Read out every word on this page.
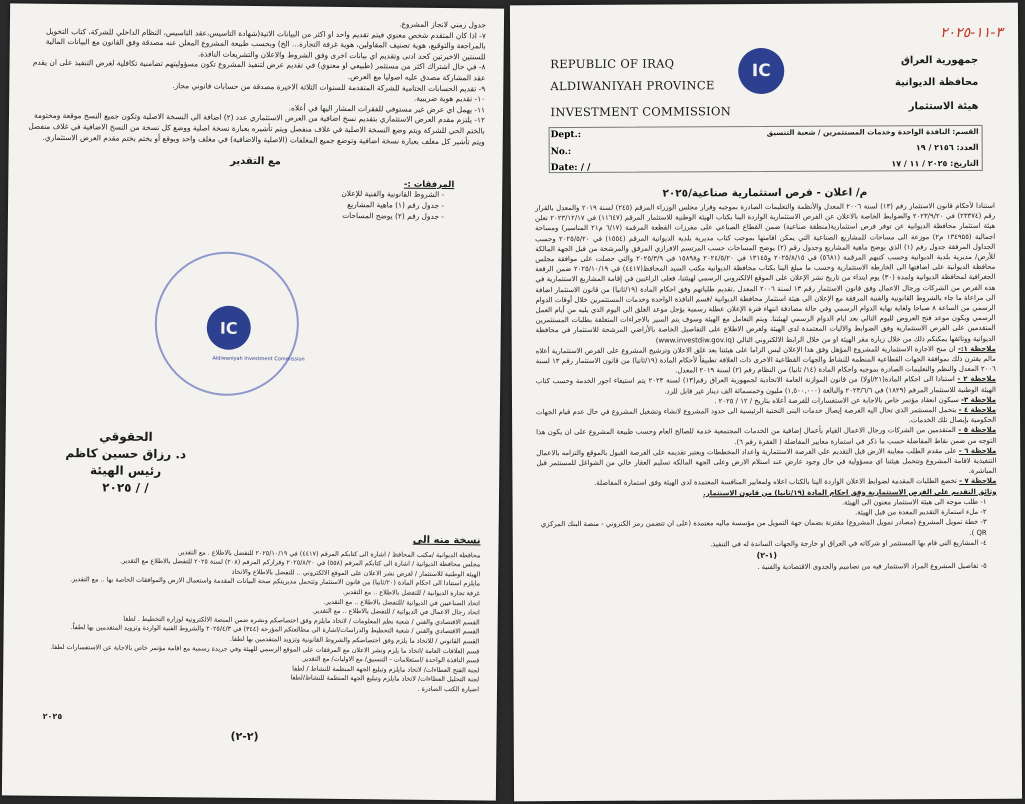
IC
Aldiwaniyah Investment Commission

جدول زمني لانجاز المشروع.

٧- اذا كان المتقدم شخص معنوي فيتم تقديم واحد او اكثر من البيانات الاتية(شهادة التاسيس،عقد التاسيس، النظام الداخلي للشركة، كتاب التخويل بالمراجعة والتوقيع، هوية تصنيف المقاولين، هوية غرفة التجارة... الخ) وبحسب طبيعة المشروع المعلن عنه مصدقة وفق القانون مع البيانات المالية للسنتين الاخيرتين كحد ادنى وتقديم اي بيانات اخرى وفق الشروط والاعلان والتشريعات النافذة.

٨- في حال اشتراك اكثر من مستثمر (طبيعي او معنوي) في تقديم عرض لتنفيذ المشروع تكون مسؤوليتهم تضامنية تكافلية لغرض التنفيذ على ان يقدم عقد المشاركة مصدق عليه اصوليا مع العرض.

٩- تقديم الحسابات الختامية للشركة المتقدمة للسنوات الثلاثة الاخيرة مصدقة من حسابات قانوني مجاز.

١٠- تقديم هوية ضريبية.

١١- يهمل اي عرض غير مستوفي للفقرات المشار اليها في أعلاه.

١٢- يلتزم مقدم العرض الاستثماري بتقديم نسخ اضافية من العرض الاستثماري عدد (٢) اضافة الى النسخة الاصلية وتكون جميع النسخ موقعة ومختومة بالختم الحي للشركة ويتم وضع النسخة الاصلية في غلاف منفصل ويتم تأشيره بعبارة نسخة اصلية ووضع كل نسخة من النسخ الاضافية في غلاف منفصل ويتم تأشير كل مغلف بعبارة نسخة اضافية وتوضع جميع المغلفات (الاصلية والاضافية) في مغلف واحد ويوقع أو يختم بختم مقدم العرض الاستثماري.

مع التقدير

المرفقات :-

- الشروط القانونية والفنية للإعلان

- جدول رقم (١) ماهية المشاريع

- جدول رقم (٢) يوضح المساحات

الحقوقي
د. رزاق حسين كاظم
رئيس الهيئة
/ / ٢٠٢٥

نسخة منه الى

محافظة الديوانية /مكتب المحافظ / اشارة الى كتابكم المرقم (٤٤١٧) في ٢٠٢٥/١٠/١٩ للتفضل بالاطلاع . مع التقدير.

مجلس محافظة الديوانية / اشارة الى كتابكم المرقم (٥٥٨) في ٢٠٢٥/٨/٢٠ وقراركم المرقم (٢٠٨) لسنة ٢٠٢٥ للتفضل بالاطلاع مع التقدير.

الهيئة الوطنية للاستثمار / لغرض نشر الاعلان على الموقع الالكتروني .. للتفضل بالاطلاع والاتخاذ

مايلزم استنادا الى احكام المادة (٢٠/ثانيا) من قانون الاستثمار وتتحمل مديريتكم صحة البيانات المقدمة واستعمال الارض والموافقات الخاصة بها .. مع التقدير.

غرفة تجارة الديوانية / للتفضل بالاطلاع .. مع التقدير.

اتحاد الصناعيين في الديوانية /للتفضل بالاطلاع .. مع التقدير.

اتحاد رجال الاعمال في الديوانية / للتفضل بالاطلاع .. مع التقدير.

القسم الاقتصادي والفني / شعبة نظم المعلومات / لاتخاذ مايلزم وفق اختصاصكم ونشره ضمن المنصة الالكترونية لوزارة التخطيط . لطفا

القسم الاقتصادي والفني / شعبة التخطيط والدراسات/اشارة الى مطالعتكم المؤرخة (٣٤٤) في ٢٠٢٥/٤/٣ والشروط الفنية الواردة وتزويد المتقدمين بها لطفاً.

القسم القانوني / للاتخاذ ما يلزم وفق اختصاصكم والشروط القانونية وتزويد المتقدمين بها لطفا.

قسم العلاقات العامة /اتخاذ ما يلزم ونشر الاعلان مع المرفقات على الموقع الرسمي للهيئة وفي جريدة رسمية مع اقامة مؤتمر خاص بالاجابة عن الاستفسارات لطفا.

قسم النافذة الواحدة /استعلامات - التنسيق/ مع الاوليات/ مع التقدير.

لجنة الفتح العطاءات/ لاتخاذ مايلزم وتبليغ الجهة المنظمة للنشاط / لطفا

لجنة التحليل العطاءات/ لاتخاذ مايلزم وتبليغ الجهة المنظمة للنشاط/لطفا

اضبارة الكتب الصادرة .

٢٠٢٥
(٢-٢)
REPUBLIC OF IRAQ
ALDIWANIYAH PROVINCE
INVESTMENT COMMISSION
IC
جمهورية العراق
محافظة الديوانية
هيئة الاستثمار
٣-١١-٢٠٢٥
Dept.:
No.:
Date: / /
القسم: النافذة الواحدة وخدمات المستثمرين / شعبة التنسيق
العدد: ٢١٥٦ / ١٩
التاريخ: ٢٠٢٥ / ١١ / ١٧
م/ اعلان - فرص استثمارية صناعية/٢٠٢٥

استنادا لأحكام قانون الاستثمار رقم (١٣) لسنة ٢٠٠٦ المعدل والأنظمة والتعليمات الصادرة بموجبه وقرار مجلس الوزراء المرقم (٢٤٥) لسنة ٢٠١٩ والمعدل بالقرار رقم (٢٣٣٧٤) في ٢٠٢٣/٩/٢٠ والضوابط الخاصة بالاعلان عن الفرص الاستثمارية الواردة الينا بكتاب الهيئة الوطنية للاستثمار المرقم (١١٦٤٧) في ٢٠٢٣/١٢/١٧ تعلن هيئة استثمار محافظة الديوانية عن توفر فرص استثمارية(منطقة صناعية) ضمن القطاع الصناعي على مفرزات القطعة المرقمة (٦/١٧ م٢١ المناسير) ومساحة اجمالية (١٣٤٩٥٥ م٢) موزعة الى مساحات للمشاريع الصناعية التي يمكن اقامتها بموجب كتاب مديرية بلدية الديوانية المرقم (١٥٥٤) في ٢٠٢٥/٥/٢٠ وحسب الجداول المرفقة جدول رقم (١) الذي يوضح ماهية المشاريع وجدول رقم (٢) يوضح المساحات حسب المرتسم الافرازي المرفق والمرشحة من قبل الجهة المالكة للأرض/ مديرية بلدية الديوانية وحسب كتبهم المرقمة (٥٦٨١) في ٢٠٢٥/٨/١٥ و١٣١٤٥ في ٢٠٢٤/٥/٢٠ و١٥٨٩٨ في ٢٠٢٥/٣/٩ والتي حصلت على موافقة مجلس محافظة الديوانية على اضافتها الى الخارطة الاستثمارية وحسب ما مبلغ الينا بكتاب محافظة الديوانية مكتب السيد المحافظ(٤٤١٧) في ٢٠٢٥/١٠/١٩ ضمن الرقعة الجغرافية لمحافظة الديوانية ولمدة (٣٠) يوم ابتداء من تاريخ نشر الإعلان على الموقع الالكتروني الرسمي لهيئتنا، فعلى الراغبين في إقامة المشاريع الاستثمارية في هذه الفرص من الشركات ورجال الاعمال وفق قانون الاستثمار رقم ١٣ لسنة ٢٠٠٦ المعدل ,تقديم طلباتهم وفق احكام المادة (١٩/ثانيا) من قانون الاستثمار اضافة الى مراعاة ما جاء بالشروط القانونية والفنية المرفقة مع الإعلان الى هيئة استثمار محافظة الديوانية /قسم النافذة الواحدة وخدمات المستثمرين خلال أوقات الدوام الرسمي من الساعة ٨ صباحا ولغاية نهاية الدوام الرسمي وفي حالة مصادفة انتهاء فترة الإعلان عطلة رسمية يؤجل موعد الغلق الى اليوم الذي يليه من أيام العمل الرسمي ويكون موعد فتح العروض لليوم التالي بعد ايام الدوام الرسمي لهيئتنا. ويتم التعامل مع الهيئة وسوف يتم السير بالاجراءات المتعلقة بطلبات المستثمرين المتقدمين على الفرص الاستثمارية وفق الضوابط والاليات المعتمدة لدى الهيئة ولغرض الاطلاع على التفاصيل الخاصة بالأراضي المرشحة للاستثمار في محافظة الديوانية ووثائقها يمكنكم ذلك من خلال زيارة مقر الهيئة او من خلال الرابط الالكتروني التالي (www.investdiw.gov.iq)

ملاحظة ١:- ان منح الاجازة الاستثمارية للمشروع المؤهل وفق هذا الإعلان ليس الزاما على هيئتنا بعد غلق الاعلان وترشيح المشروع على الفرص الاستثمارية أعلاه مالم يقترن ذلك بموافقة الجهات القطاعية المنظمة للنشاط والجهات القطاعية الاخرى ذات العلاقة تطبيقاً لأحكام المادة (١٩/ثانيا) من قانون الاستثمار رقم ١٣ لسنة ٢٠٠٦ المعدل والنظم والتعليمات الصادرة بموجبه واحكام المادة (١٤/ ثانيا) من النظام رقم (٢) لسنة ٢٠١٩ المعدل.

ملاحظة ٢ - استنادا الى احكام المادة(٢١/اولا) من قانون الموازنة العامة الاتحادية لجمهورية العراق رقم(١٣) لسنة ٢٠٢٣ يتم استيفاء اجور الخدمة وحسب كتاب الهيئة الوطنية للاستثمار المرقم (١٨٢٩) في ٢٠٢٣/٦/٦ والبالغة (١,٥٠٠,٠٠٠) مليون وخمسمائة الف دينار غير قابل للرد.

ملاحظة ٣- سيكون انعقاد مؤتمر خاص بالاجابة عن الاستفسارات للفرصة أعلاه بتاريخ / ١٢ / ٢٠٢٥ .

ملاحظة ٤ - يتحمل المستثمر الذي تحال اليه الفرصة إيصال خدمات البنى التحتية الرئيسية الى حدود المشروع لانشاء وتشغيل المشروع في حال عدم قيام الجهات الحكومية بإيصال تلك الخدمات.

ملاحظة ٥ - المتقدمين من الشركات ورجال الاعمال القيام بأعمال إضافية من الخدمات المجتمعية خدمة للصالح العام وحسب طبيعة المشروع على ان يكون هذا التوجه من ضمن نقاط المفاضلة حسب ما ذكر في استمارة معايير المفاضلة ( الفقرة رقم ٦).

ملاحظة ٦ - على مقدم الطلب معاينة الارض قبل التقديم على الفرصة الاستثمارية واعداد المخططات ويعتبر تقديمه على الفرصة القبول بالموقع والتزامه بالاعمال التنفيذية لاقامة المشروع وتتحمل هيئتنا اي مسؤولية في حال وجود عارض عند استلام الارض وعلى الجهة المالكة تسليم العقار خالي من الشواغل للمستثمر قبل المباشرة.

ملاحظة ٧ - تخضع الطلبات المقدمة لضوابط الاعلان الواردة الينا بالكتاب اعلاه ولمعايير المنافسة المعتمدة لدى الهيئة وفق استمارة المفاضلة.

وثائق التقديم على الفرص الاستثمارية وفق احكام المادة (١٩/ثانيا) من قانون الاستثمار.

١- طلب موجه الى هيئة الاستثمار معنون الى الهيئة.

٢- ملء استمارة التقديم المعدة من قبل الهيئة.

٣- خطة تمويل المشروع (مصادر تمويل المشروع) مقترنة بضمان جهة التمويل من مؤسسة ماليه معتمدة (على ان تتضمن رمز الكتروني - منصة البنك المركزي QR ).

٤- المشاريع التي قام بها المستثمر او شركاته في العراق او خارجة والجهات الساندة له في التنفيذ.

(١-٢)

٥- تفاصيل المشروع المراد الاستثمار فيه من تصاميم والجدوى الاقتصادية والفنية .
